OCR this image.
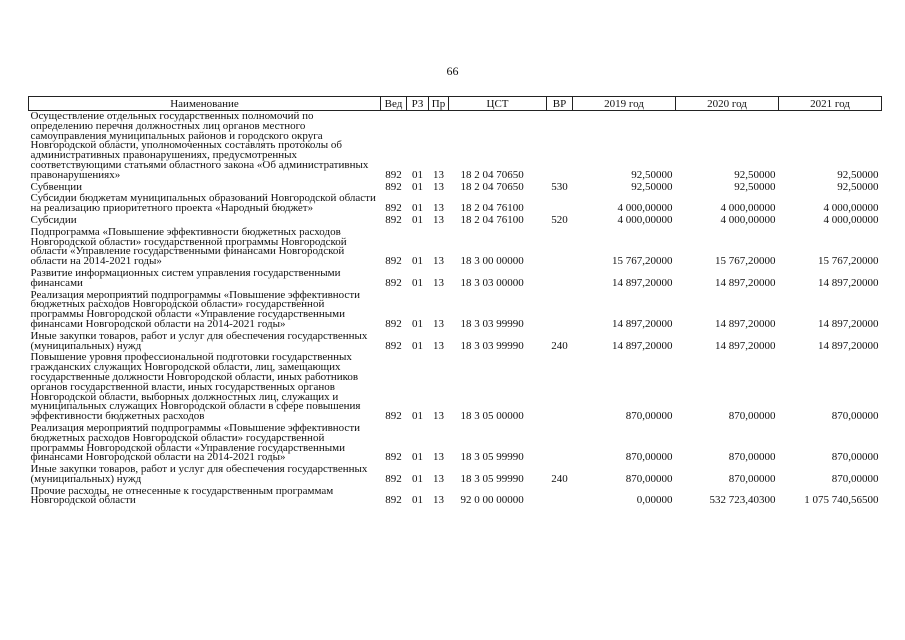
66
Наименование	Вед	РЗ	Пр	ЦСТ	ВР	2019 год	2020 год	2021 год
Осуществление отдельных государственных полномочий по определению перечня должностных лиц органов местного самоуправления муниципальных районов и городского округа Новгородской области, уполномоченных составлять протоколы об административных правонарушениях, предусмотренных соответствующими статьями областного закона «Об административных правонарушениях»	892	01	13	18 2 04 70650		92,50000	92,50000	92,50000
Субвенции	892	01	13	18 2 04 70650	530	92,50000	92,50000	92,50000
Субсидии бюджетам муниципальных образований Новгородской области на реализацию приоритетного проекта «Народный бюджет»	892	01	13	18 2 04 76100		4 000,00000	4 000,00000	4 000,00000
Субсидии	892	01	13	18 2 04 76100	520	4 000,00000	4 000,00000	4 000,00000
Подпрограмма «Повышение эффективности бюджетных расходов Новгородской области» государственной программы Новгородской области «Управление государственными финансами Новгородской области на 2014-2021 годы»	892	01	13	18 3 00 00000		15 767,20000	15 767,20000	15 767,20000
Развитие информационных систем управления государственными финансами	892	01	13	18 3 03 00000		14 897,20000	14 897,20000	14 897,20000
Реализация мероприятий подпрограммы «Повышение эффективности бюджетных расходов Новгородской области» государственной программы Новгородской области «Управление государственными финансами Новгородской области на 2014-2021 годы»	892	01	13	18 3 03 99990		14 897,20000	14 897,20000	14 897,20000
Иные закупки товаров, работ и услуг для обеспечения государственных (муниципальных) нужд	892	01	13	18 3 03 99990	240	14 897,20000	14 897,20000	14 897,20000
Повышение уровня профессиональной подготовки государственных гражданских служащих Новгородской области, лиц, замещающих государственные должности Новгородской области, иных работников органов государственной власти, иных государственных органов Новгородской области, выборных должностных лиц, служащих и муниципальных служащих Новгородской области в сфере повышения эффективности бюджетных расходов	892	01	13	18 3 05 00000		870,00000	870,00000	870,00000
Реализация мероприятий подпрограммы «Повышение эффективности бюджетных расходов Новгородской области» государственной программы Новгородской области «Управление государственными финансами Новгородской области на 2014-2021 годы»	892	01	13	18 3 05 99990		870,00000	870,00000	870,00000
Иные закупки товаров, работ и услуг для обеспечения государственных (муниципальных) нужд	892	01	13	18 3 05 99990	240	870,00000	870,00000	870,00000
Прочие расходы, не отнесенные к государственным программам Новгородской области	892	01	13	92 0 00 00000		0,00000	532 723,40300	1 075 740,56500
